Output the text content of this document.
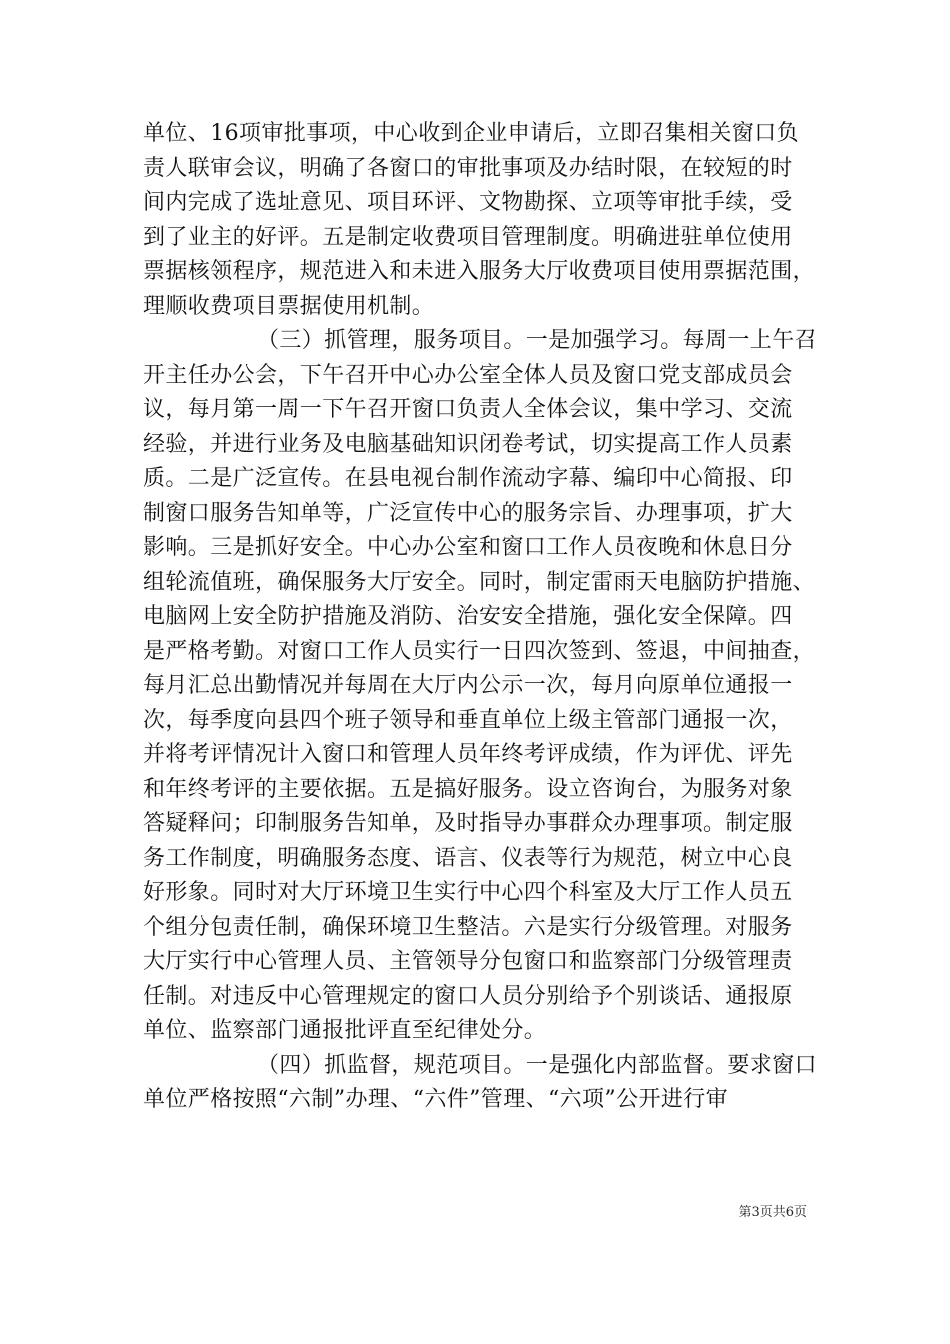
单位、16项审批事项，中心收到企业申请后，立即召集相关窗口负
责人联审会议，明确了各窗口的审批事项及办结时限，在较短的时
间内完成了选址意见、项目环评、文物勘探、立项等审批手续，受
到了业主的好评。五是制定收费项目管理制度。明确进驻单位使用
票据核领程序，规范进入和未进入服务大厅收费项目使用票据范围，
理顺收费项目票据使用机制。
（三）抓管理，服务项目。一是加强学习。每周一上午召
开主任办公会，下午召开中心办公室全体人员及窗口党支部成员会
议，每月第一周一下午召开窗口负责人全体会议，集中学习、交流
经验，并进行业务及电脑基础知识闭卷考试，切实提高工作人员素
质。二是广泛宣传。在县电视台制作流动字幕、编印中心简报、印
制窗口服务告知单等，广泛宣传中心的服务宗旨、办理事项，扩大
影响。三是抓好安全。中心办公室和窗口工作人员夜晚和休息日分
组轮流值班，确保服务大厅安全。同时，制定雷雨天电脑防护措施、
电脑网上安全防护措施及消防、治安安全措施，强化安全保障。四
是严格考勤。对窗口工作人员实行一日四次签到、签退，中间抽查，
每月汇总出勤情况并每周在大厅内公示一次，每月向原单位通报一
次，每季度向县四个班子领导和垂直单位上级主管部门通报一次，
并将考评情况计入窗口和管理人员年终考评成绩，作为评优、评先
和年终考评的主要依据。五是搞好服务。设立咨询台，为服务对象
答疑释问；印制服务告知单，及时指导办事群众办理事项。制定服
务工作制度，明确服务态度、语言、仪表等行为规范，树立中心良
好形象。同时对大厅环境卫生实行中心四个科室及大厅工作人员五
个组分包责任制，确保环境卫生整洁。六是实行分级管理。对服务
大厅实行中心管理人员、主管领导分包窗口和监察部门分级管理责
任制。对违反中心管理规定的窗口人员分别给予个别谈话、通报原
单位、监察部门通报批评直至纪律处分。
（四）抓监督，规范项目。一是强化内部监督。要求窗口
单位严格按照“六制”办理、“六件”管理、“六项”公开进行审
第3页共6页
